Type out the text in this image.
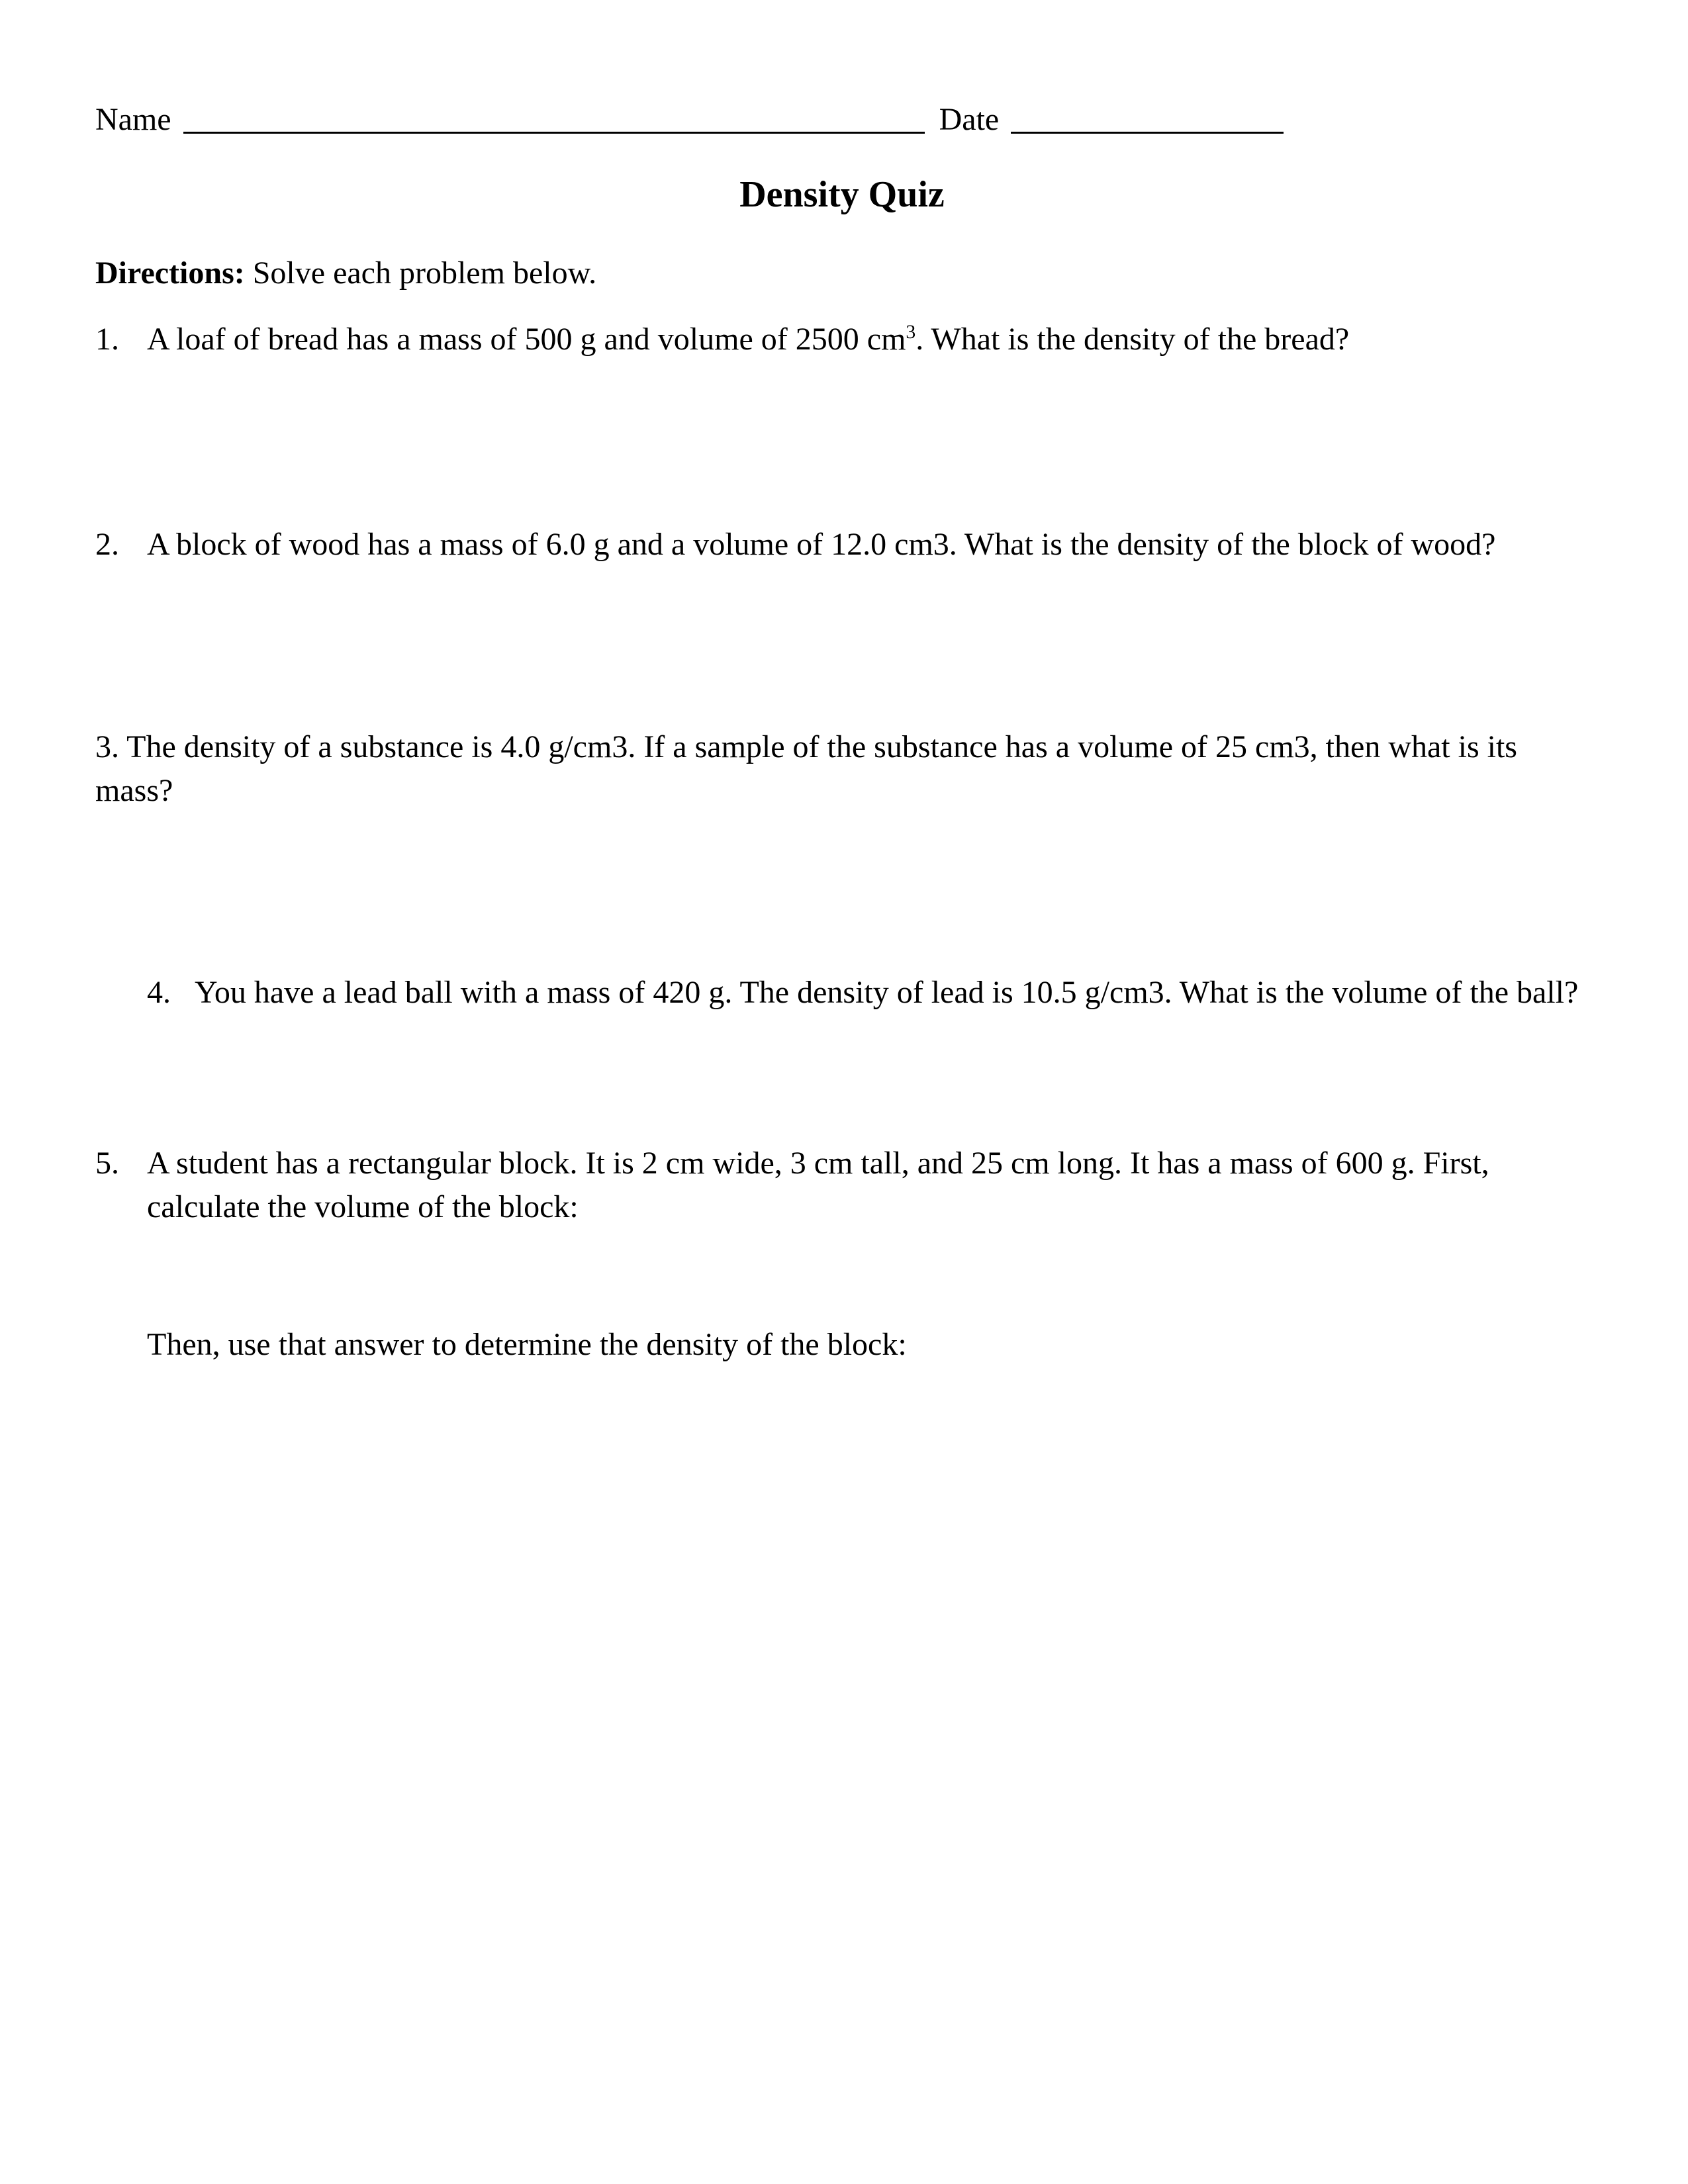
Name	Date
Density Quiz
Directions: Solve each problem below.
1. A loaf of bread has a mass of 500 g and volume of 2500 $cm^3$. What is the density of the bread?
2. A block of wood has a mass of 6.0 g and a volume of 12.0 cm3. What is the density of the block of wood?
3. The density of a substance is 4.0 g/cm3. If a sample of the substance has a volume of 25 cm3, then what is its mass?
4. You have a lead ball with a mass of 420 g. The density of lead is 10.5 g/cm3. What is the volume of the ball?
5. A student has a rectangular block. It is 2 cm wide, 3 cm tall, and 25 cm long. It has a mass of 600 g. First, calculate the volume of the block:
Then, use that answer to determine the density of the block:
